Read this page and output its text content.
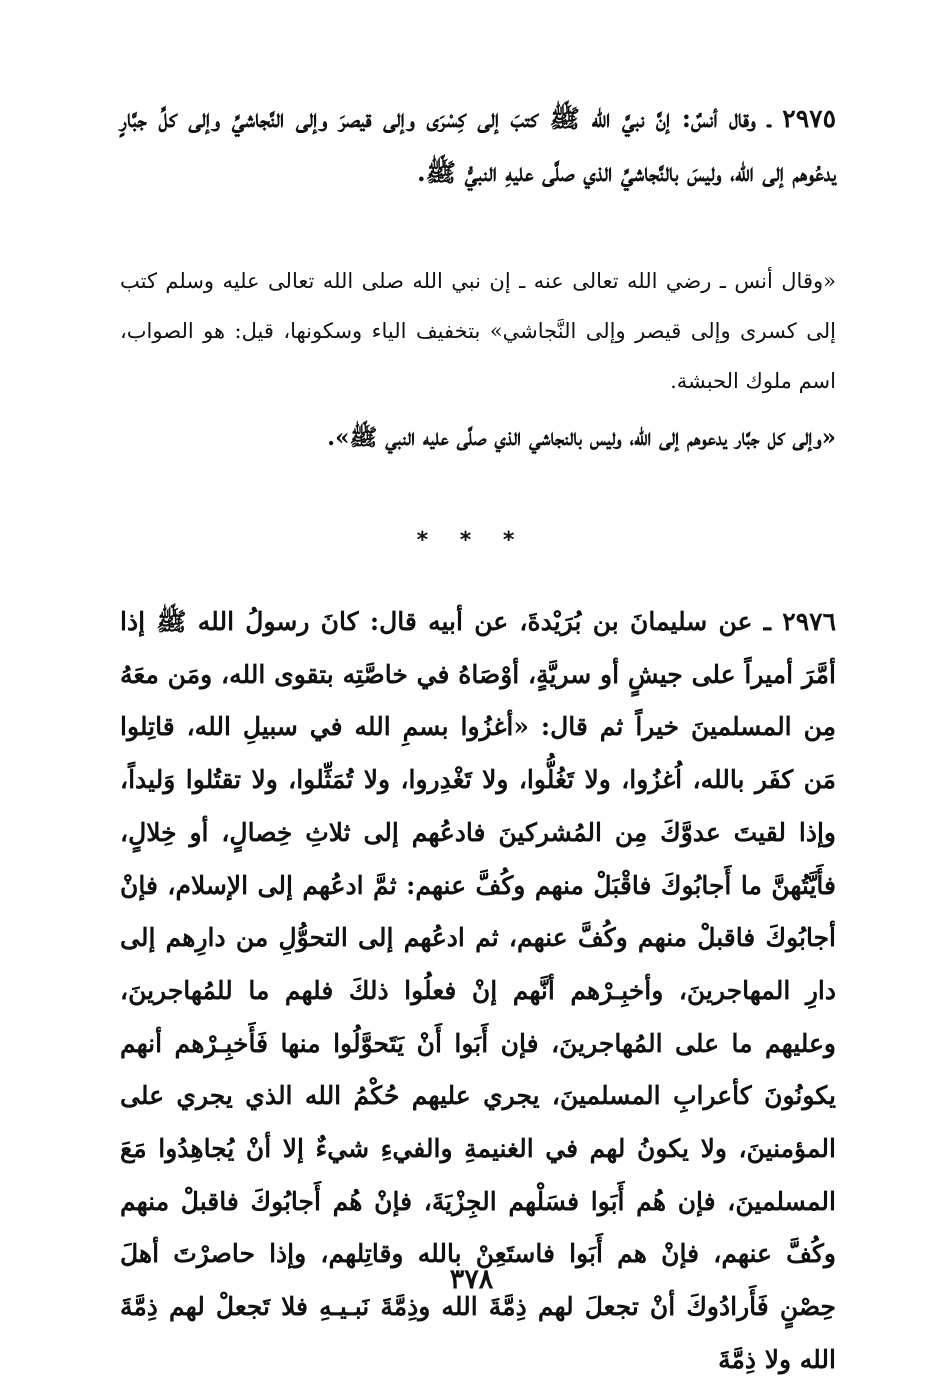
٢٩٧٥ ـ وقال أنسٌ: إنَّ نبيَّ الله ﷺ كتبَ إلى كِسْرَى وإلى قيصرَ وإلى النَّجاشيِّ وإلى كلِّ جبَّارٍ يدعُوهم إلى الله، وليسَ بالنَّجاشيِّ الذي صلَّى عليهِ النبيُّ ﷺ.

«وقال أنس ـ رضي الله تعالى عنه ـ إن نبي الله صلى الله تعالى عليه وسلم كتب إلى كسرى وإلى قيصر وإلى النَّجاشي» بتخفيف الياء وسكونها، قيل: هو الصواب، اسم ملوك الحبشة.

«وإلى كل جبَّار يدعوهم إلى الله، وليس بالنجاشي الذي صلَّى عليه النبي ﷺ».

* * *

٢٩٧٦ ـ عن سليمانَ بن بُرَيْدةَ، عن أبيه قال: كانَ رسولُ الله ﷺ إذا أمَّرَ أميراً على جيشٍ أو سريَّةٍ، أوْصَاهُ في خاصَّتِه بتقوى الله، ومَن معَهُ مِن المسلمينَ خيراً ثم قال: «أغزُوا بسمِ الله في سبيلِ الله، قاتِلوا مَن كفَر بالله، اُغزُوا، ولا تَغُلُّوا، ولا تَغْدِروا، ولا تُمَثِّلوا، ولا تقتُلوا وَليداً، وإذا لقيتَ عدوَّكَ مِن المُشركينَ فادعُهم إلى ثلاثِ خِصالٍ، أو خِلالٍ، فأَيَّتُهنَّ ما أَجابُوكَ فاقْبَلْ منهم وكُفَّ عنهم: ثمَّ ادعُهم إلى الإسلام، فإنْ أجابُوكَ فاقبلْ منهم وكُفَّ عنهم، ثم ادعُهم إلى التحوُّلِ من دارِهم إلى دارِ المهاجرينَ، وأخبِـرْهم أنَّهم إنْ فعلُوا ذلكَ فلهم ما للمُهاجرينَ، وعليهم ما على المُهاجرينَ، فإن أَبَوا أَنْ يَتَحوَّلُوا منها فَأَخبِـرْهم أنهم يكونُونَ كأعرابِ المسلمينَ، يجري عليهم حُكْمُ الله الذي يجري على المؤمنينَ، ولا يكونُ لهم في الغنيمةِ والفيءِ شيءٌ إلا أنْ يُجاهِدُوا مَعَ المسلمينَ، فإن هُم أَبَوا فسَلْهم الجِزْيَةَ، فإنْ هُم أَجابُوكَ فاقبلْ منهم وكُفَّ عنهم، فإنْ هم أَبَوا فاستَعِنْ بالله وقاتِلهم، وإذا حاصرْتَ أهلَ حِصْنٍ فَأَرادُوكَ أنْ تجعلَ لهم ذِمَّةَ الله وذِمَّةَ نَبـيـهِ فلا تَجعلْ لهم ذِمَّةَ الله ولا ذِمَّةَ

٣٧٨
